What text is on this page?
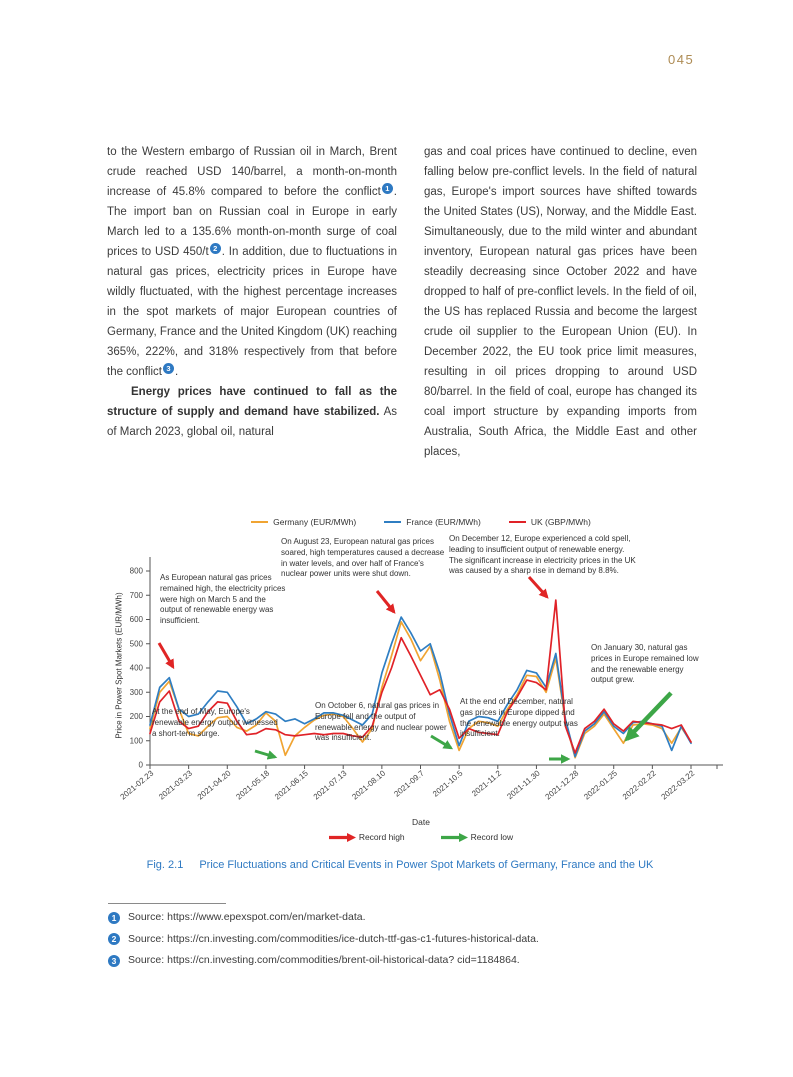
045

to the Western embargo of Russian oil in March, Brent crude reached USD 140/barrel, a month-on-month increase of 45.8% compared to before the conflict 1 . The import ban on Russian coal in Europe in early March led to a 135.6% month-on-month surge of coal prices to USD 450/t 2 . In addition, due to fluctuations in natural gas prices, electricity prices in Europe have wildly fluctuated, with the highest percentage increases in the spot markets of major European countries of Germany, France and the United Kingdom (UK) reaching 365%, 222%, and 318% respectively from that before the conflict 3 .

Energy prices have continued to fall as the structure of supply and demand have stabilized. As of March 2023, global oil, natural

gas and coal prices have continued to decline, even falling below pre-conflict levels. In the field of natural gas, Europe's import sources have shifted towards the United States (US), Norway, and the Middle East. Simultaneously, due to the mild winter and abundant inventory, European natural gas prices have been steadily decreasing since October 2022 and have dropped to half of pre-conflict levels. In the field of oil, the US has replaced Russia and become the largest crude oil supplier to the European Union (EU). In December 2022, the EU took price limit measures, resulting in oil prices dropping to around USD 80/barrel. In the field of coal, europe has changed its coal import structure by expanding imports from Australia, South Africa, the Middle East and other places,

Germany (EUR/MWh)	France (EUR/MWh)	UK (GBP/MWh)
Price in Power Spot Markets (EUR/MWh)
0
100
200
300
400
500
600
700
800
2021-02.23 2021-03.23 2021-04.20 2021-05.18 2021-06.15 2021-07.13 2021-08.10 2021-09.7 2021-10.5 2021-11.2 2021-11.30 2021-12.28 2022-01.25 2022-02.22 2022-03.22
As European natural gas prices remained high, the electricity prices were high on March 5 and the output of renewable energy was insufficient.
On August 23, European natural gas prices soared, high temperatures caused a decrease in water levels, and over half of France's nuclear power units were shut down.
On December 12, Europe experienced a cold spell, leading to insufficient output of renewable energy. The significant increase in electricity prices in the UK was caused by a sharp rise in demand by 8.8%.
At the end of May, Europe's renewable energy output witnessed a short-term surge.
On October 6, natural gas prices in Europe fell and the output of renewable energy and nuclear power was insufficient.
At the end of December, natural gas prices in Europe dipped and the renewable energy output was insufficient.
On January 30, natural gas prices in Europe remained low and the renewable energy output grew.
Date
Record high	Record low
Fig. 2.1 Price Fluctuations and Critical Events in Power Spot Markets of Germany, France and the UK
1	Source: https://www.epexspot.com/en/market-data.
2	Source: https://cn.investing.com/commodities/ice-dutch-ttf-gas-c1-futures-historical-data.
3	Source: https://cn.investing.com/commodities/brent-oil-historical-data? cid=1184864.
